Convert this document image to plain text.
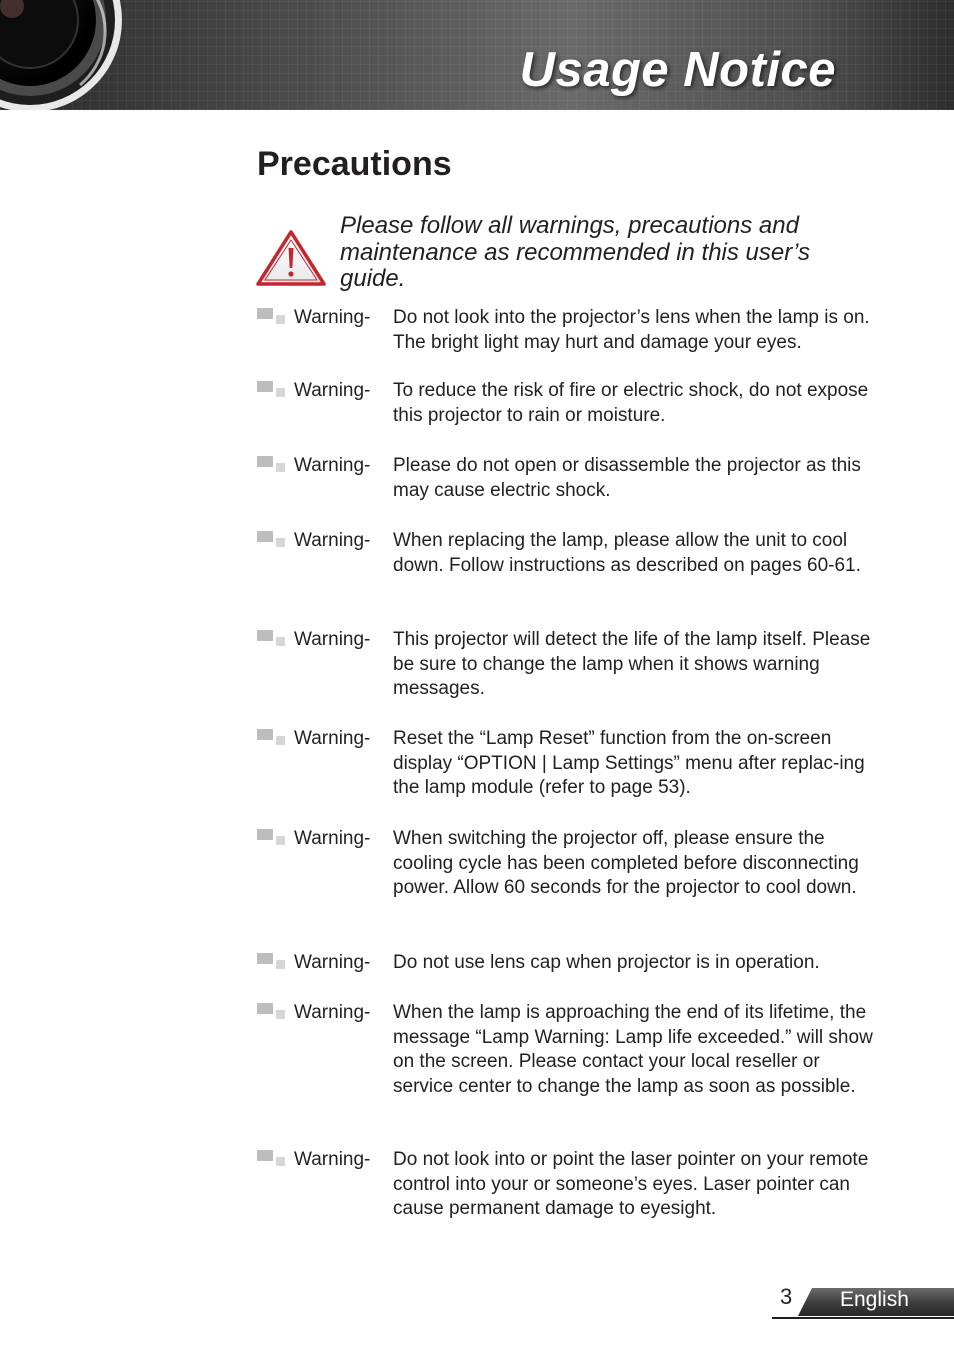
Usage Notice
Precautions
Please follow all warnings, precautions and maintenance as recommended in this user’s guide.
Warning- Do not look into the projector’s lens when the lamp is on. The bright light may hurt and damage your eyes.
Warning- To reduce the risk of fire or electric shock, do not expose this projector to rain or moisture.
Warning- Please do not open or disassemble the projector as this may cause electric shock.
Warning- When replacing the lamp, please allow the unit to cool down. Follow instructions as described on pages 60-61.
Warning- This projector will detect the life of the lamp itself. Please be sure to change the lamp when it shows warning messages.
Warning- Reset the “Lamp Reset” function from the on-screen display “OPTION | Lamp Settings” menu after replac-ing the lamp module (refer to page 53).
Warning- When switching the projector off, please ensure the cooling cycle has been completed before disconnecting power. Allow 60 seconds for the projector to cool down.
Warning- Do not use lens cap when projector is in operation.
Warning- When the lamp is approaching the end of its lifetime, the message “Lamp Warning: Lamp life exceeded.” will show on the screen. Please contact your local reseller or service center to change the lamp as soon as possible.
Warning- Do not look into or point the laser pointer on your remote control into your or someone’s eyes. Laser pointer can cause permanent damage to eyesight.
3 English
